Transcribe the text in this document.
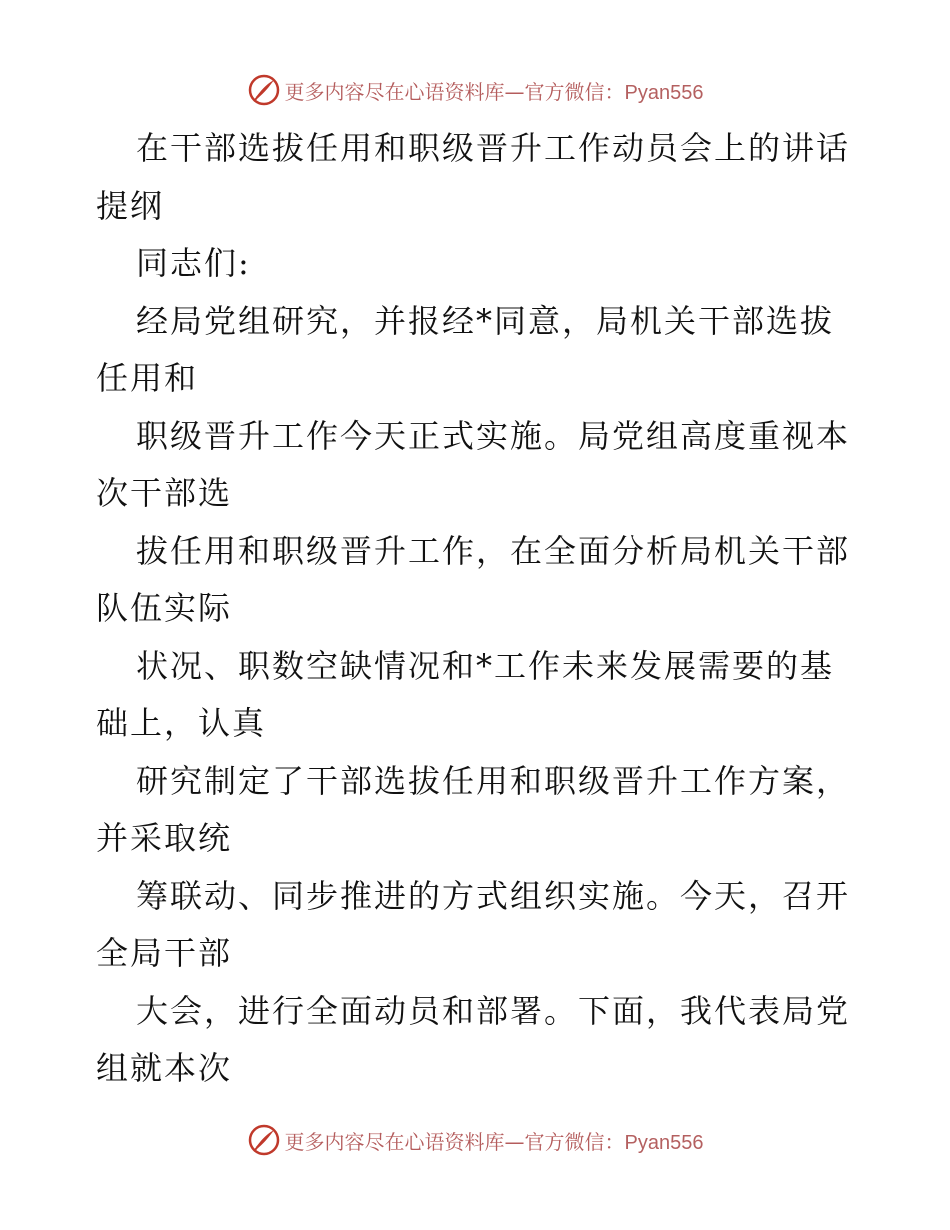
更多内容尽在心语资料库—官方微信：Pyan556
在干部选拔任用和职级晋升工作动员会上的讲话
提纲
同志们:
经局党组研究，并报经*同意，局机关干部选拔
任用和
职级晋升工作今天正式实施。局党组高度重视本
次干部选
拔任用和职级晋升工作，在全面分析局机关干部
队伍实际
状况、职数空缺情况和*工作未来发展需要的基
础上，认真
研究制定了干部选拔任用和职级晋升工作方案，
并采取统
筹联动、同步推进的方式组织实施。今天，召开
全局干部
大会，进行全面动员和部署。下面，我代表局党
组就本次
更多内容尽在心语资料库—官方微信：Pyan556
